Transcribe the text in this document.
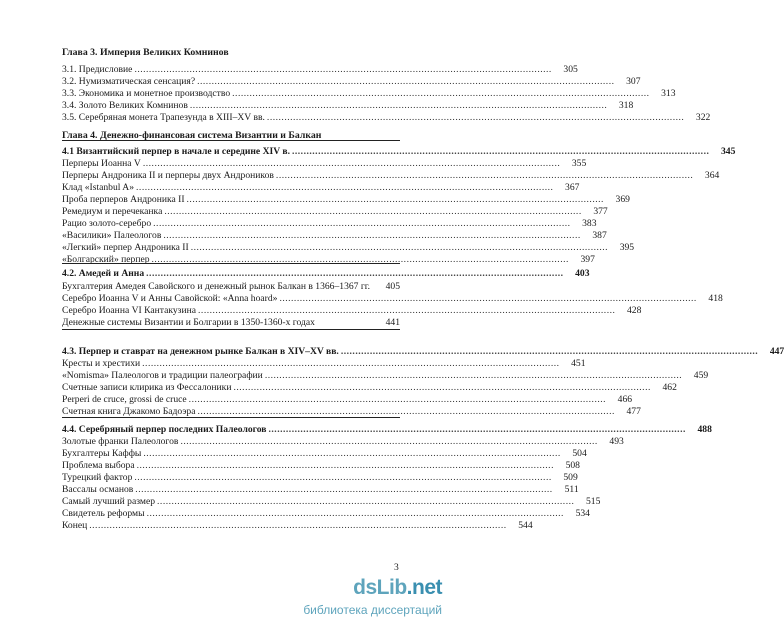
Глава 3. Империя Великих Комнинов
3.1. Предисловие .....	305
3.2. Нумизматическая сенсация? .....	307
3.3. Экономика и монетное производство .....	313
3.4. Золото Великих Комнинов .....	318
3.5. Серебряная монета Трапезунда в XIII–XV вв. .....	322
Глава 4. Денежно-финансовая система Византии и Балкан
4.1 Византийский перпер в начале и середине XIV в. .....	345
Перперы Иоанна V .....	355
Перперы Андроника II и перперы двух Андроников .....	364
Клад «Istanbul A» .....	367
Проба перперов Андроника II .....	369
Ремедиум и перечеканка .....	377
Рацио золото-серебро .....	383
«Василики» Палеологов .....	387
«Легкий» перпер Андроника II .....	395
«Болгарский» перпер .....	397
4.2. Амедей и Анна .....	403
Бухгалтерия Амедея Савойского и денежный рынок Балкан в 1366–1367 гг.	405
Серебро Иоанна V и Анны Савойской: «Anna hoard» .....	418
Серебро Иоанна VI Кантакузина .....	428
Денежные системы Византии и Болгарии в 1350-1360-х годах	441
4.3. Перпер и ставрат на денежном рынке Балкан в XIV–XV вв. .....	447
Кресты и хрестихи .....	451
«Nomisma» Палеологов и традиции палеографии .....	459
Счетные записи клирика из Фессалоники .....	462
Perperi de cruce, grossi de cruce .....	466
Счетная книга Джакомо Бадоэра .....	477
4.4. Серебряный перпер последних Палеологов .....	488
Золотые франки Палеологов .....	493
Бухгалтеры Каффы .....	504
Проблема выбора .....	508
Турецкий фактор .....	509
Вассалы османов .....	511
Самый лучший размер .....	515
Свидетель реформы .....	534
Конец .....	544
3
dsLib.net
библиотека диссертаций
